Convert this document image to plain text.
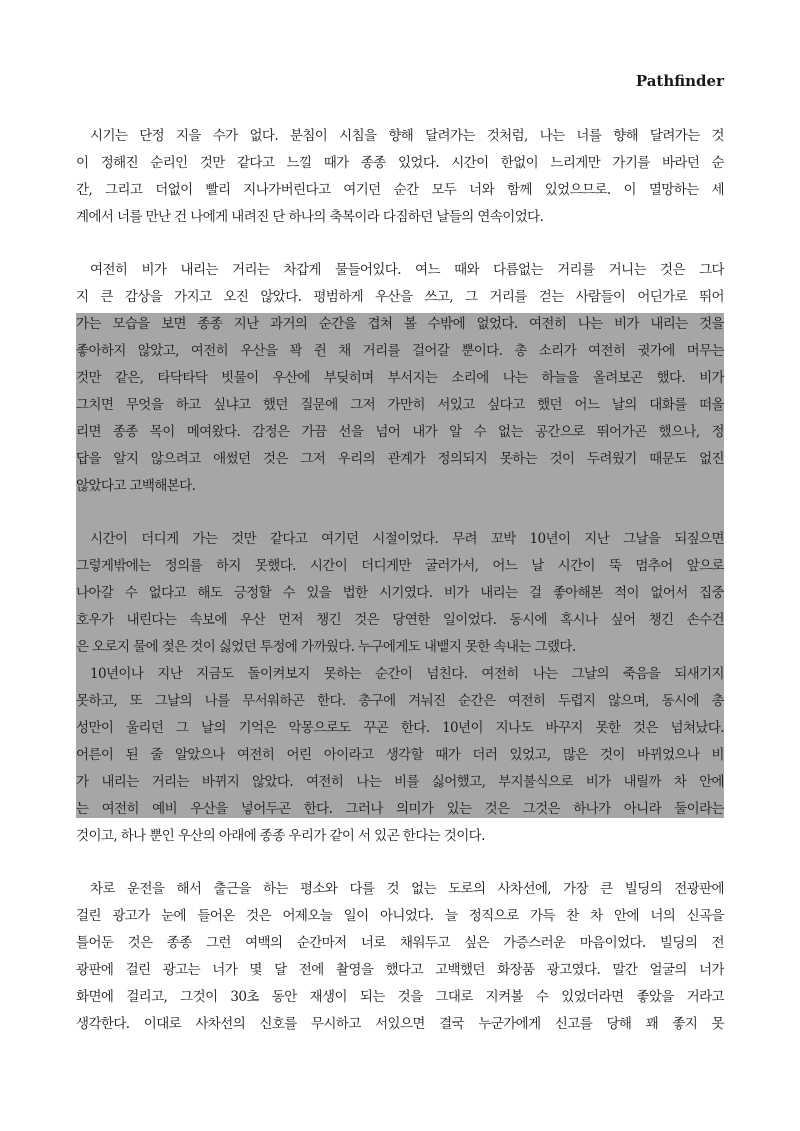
Pathfinder
시기는 단정 지을 수가 없다. 분침이 시침을 향해 달려가는 것처럼, 나는 너를 향해 달려가는 것
이 정해진 순리인 것만 같다고 느낄 때가 종종 있었다. 시간이 한없이 느리게만 가기를 바라던 순
간, 그리고 더없이 빨리 지나가버린다고 여기던 순간 모두 너와 함께 있었으므로. 이 멸망하는 세
계에서 너를 만난 건 나에게 내려진 단 하나의 축복이라 다짐하던 날들의 연속이었다.
여전히 비가 내리는 거리는 차갑게 물들어있다. 여느 때와 다름없는 거리를 거니는 것은 그다
지 큰 감상을 가지고 오진 않았다. 평범하게 우산을 쓰고, 그 거리를 걷는 사람들이 어딘가로 뛰어
가는 모습을 보면 종종 지난 과거의 순간을 겹쳐 볼 수밖에 없었다. 여전히 나는 비가 내리는 것을
좋아하지 않았고, 여전히 우산을 꽉 쥔 채 거리를 걸어갈 뿐이다. 총 소리가 여전히 귓가에 머무는
것만 같은, 타닥타닥 빗물이 우산에 부딪히며 부서지는 소리에 나는 하늘을 올려보곤 했다. 비가
그치면 무엇을 하고 싶냐고 했던 질문에 그저 가만히 서있고 싶다고 했던 어느 날의 대화를 떠올
리면 종종 목이 메여왔다. 감정은 가끔 선을 넘어 내가 알 수 없는 공간으로 뛰어가곤 했으나, 정
답을 알지 않으려고 애썼던 것은 그저 우리의 관계가 정의되지 못하는 것이 두려웠기 때문도 없진
않았다고 고백해본다.
시간이 더디게 가는 것만 같다고 여기던 시절이었다. 무려 꼬박 10년이 지난 그날을 되짚으면
그렇게밖에는 정의를 하지 못했다. 시간이 더디게만 굴러가서, 어느 날 시간이 뚝 멈추어 앞으로
나아갈 수 없다고 해도 긍정할 수 있을 법한 시기였다. 비가 내리는 걸 좋아해본 적이 없어서 집중
호우가 내린다는 속보에 우산 먼저 챙긴 것은 당연한 일이었다. 동시에 혹시나 싶어 챙긴 손수건
은 오로지 물에 젖은 것이 싫었던 투정에 가까웠다. 누구에게도 내뱉지 못한 속내는 그랬다.
10년이나 지난 지금도 돌이켜보지 못하는 순간이 넘친다. 여전히 나는 그날의 죽음을 되새기지
못하고, 또 그날의 나를 무서워하곤 한다. 총구에 겨눠진 순간은 여전히 두렵지 않으며, 동시에 총
성만이 울리던 그 날의 기억은 악몽으로도 꾸곤 한다. 10년이 지나도 바꾸지 못한 것은 넘쳐났다.
어른이 된 줄 알았으나 여전히 어린 아이라고 생각할 때가 더러 있었고, 많은 것이 바뀌었으나 비
가 내리는 거리는 바뀌지 않았다. 여전히 나는 비를 싫어했고, 부지불식으로 비가 내릴까 차 안에
는 여전히 예비 우산을 넣어두곤 한다. 그러나 의미가 있는 것은 그것은 하나가 아니라 둘이라는
것이고, 하나 뿐인 우산의 아래에 종종 우리가 같이 서 있곤 한다는 것이다.
차로 운전을 해서 출근을 하는 평소와 다를 것 없는 도로의 사차선에, 가장 큰 빌딩의 전광판에
걸린 광고가 눈에 들어온 것은 어제오늘 일이 아니었다. 늘 정직으로 가득 찬 차 안에 너의 신곡을
틀어둔 것은 종종 그런 여백의 순간마저 너로 채워두고 싶은 가증스러운 마음이었다. 빌딩의 전
광판에 걸린 광고는 너가 몇 달 전에 촬영을 했다고 고백했던 화장품 광고였다. 말간 얼굴의 너가
화면에 걸리고, 그것이 30초 동안 재생이 되는 것을 그대로 지켜볼 수 있었더라면 좋았을 거라고
생각한다. 이대로 사차선의 신호를 무시하고 서있으면 결국 누군가에게 신고를 당해 꽤 좋지 못
